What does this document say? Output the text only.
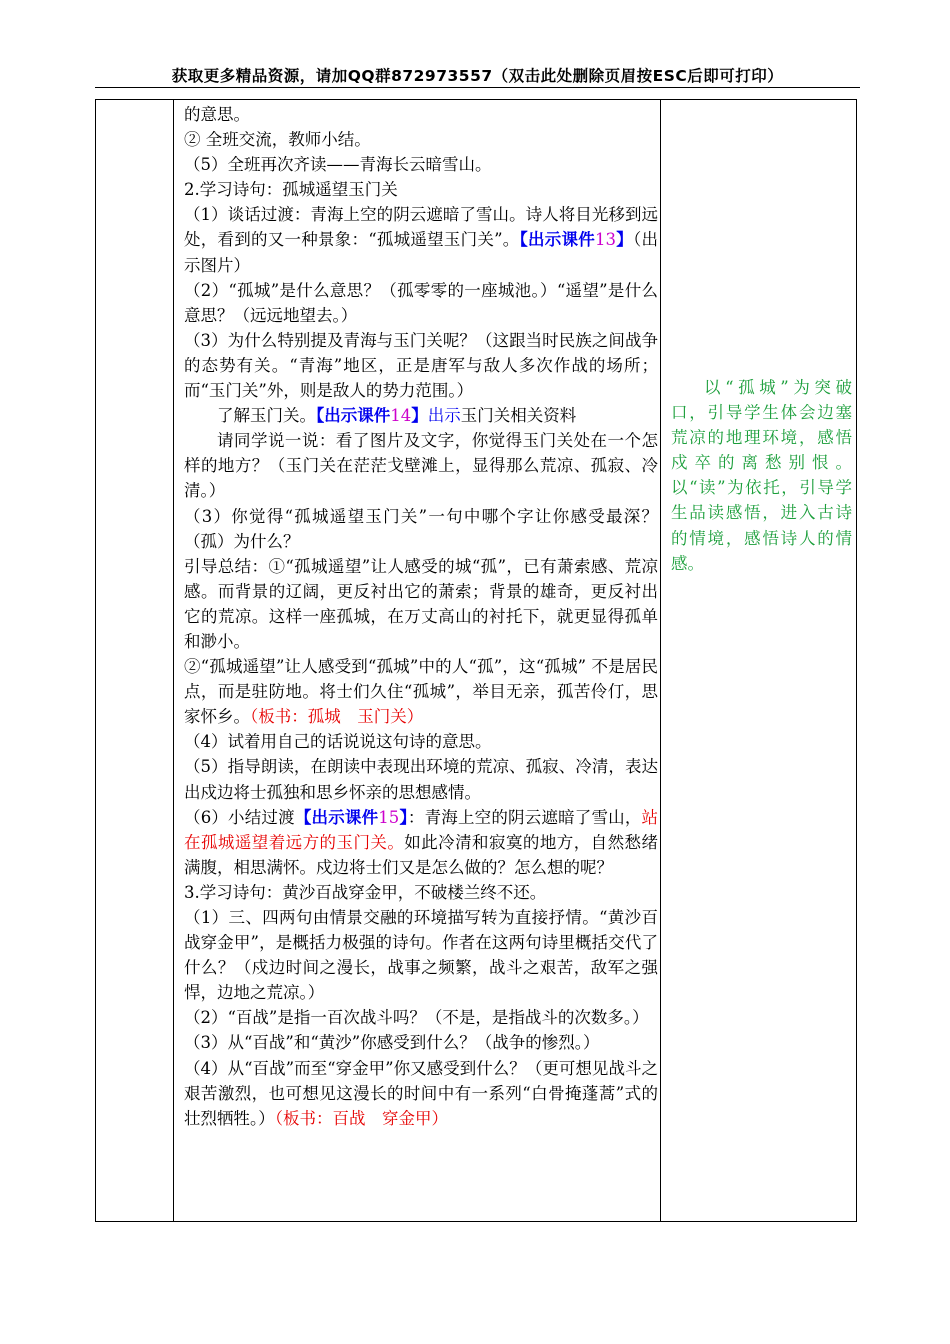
获取更多精品资源，请加QQ群872973557（双击此处删除页眉按ESC后即可打印）

的意思。

② 全班交流，教师小结。

（5）全班再次齐读——青海长云暗雪山。

2.学习诗句：孤城遥望玉门关

（1）谈话过渡：青海上空的阴云遮暗了雪山。诗人将目光移到远处，看到的又一种景象：“孤城遥望玉门关”。【出示课件13】（出示图片）

（2）“孤城”是什么意思？（孤零零的一座城池。）“遥望”是什么意思？（远远地望去。）

（3）为什么特别提及青海与玉门关呢？（这跟当时民族之间战争的态势有关。“青海”地区，正是唐军与敌人多次作战的场所；而“玉门关”外，则是敌人的势力范围。）

了解玉门关。【出示课件14】出示玉门关相关资料

请同学说一说：看了图片及文字，你觉得玉门关处在一个怎样的地方？（玉门关在茫茫戈壁滩上，显得那么荒凉、孤寂、冷清。）

（3）你觉得“孤城遥望玉门关”一句中哪个字让你感受最深？（孤）为什么？

引导总结：①“孤城遥望”让人感受的城“孤”，已有萧索感、荒凉感。而背景的辽阔，更反衬出它的萧索；背景的雄奇，更反衬出它的荒凉。这样一座孤城，在万丈高山的衬托下，就更显得孤单和渺小。

②“孤城遥望”让人感受到“孤城”中的人“孤”，这“孤城” 不是居民点，而是驻防地。将士们久住“孤城”，举目无亲，孤苦伶仃，思家怀乡。（板书：孤城　玉门关）

（4）试着用自己的话说说这句诗的意思。

（5）指导朗读，在朗读中表现出环境的荒凉、孤寂、冷清，表达出戍边将士孤独和思乡怀亲的思想感情。

（6）小结过渡【出示课件15】：青海上空的阴云遮暗了雪山，站在孤城遥望着远方的玉门关。如此冷清和寂寞的地方，自然愁绪满腹，相思满怀。戍边将士们又是怎么做的？怎么想的呢？

3.学习诗句：黄沙百战穿金甲，不破楼兰终不还。

（1）三、四两句由情景交融的环境描写转为直接抒情。“黄沙百战穿金甲”，是概括力极强的诗句。作者在这两句诗里概括交代了什么？（戍边时间之漫长，战事之频繁，战斗之艰苦，敌军之强悍，边地之荒凉。）

（2）“百战”是指一百次战斗吗？（不是，是指战斗的次数多。）

（3）从“百战”和“黄沙”你感受到什么？（战争的惨烈。）

（4）从“百战”而至“穿金甲”你又感受到什么？（更可想见战斗之艰苦激烈，也可想见这漫长的时间中有一系列“白骨掩蓬蒿”式的壮烈牺牲。）（板书：百战　穿金甲）

以“孤城”为突破口，引导学生体会边塞荒凉的地理环境，感悟戍卒的离愁别恨。以“读”为依托，引导学生品读感悟，进入古诗的情境，感悟诗人的情感。
